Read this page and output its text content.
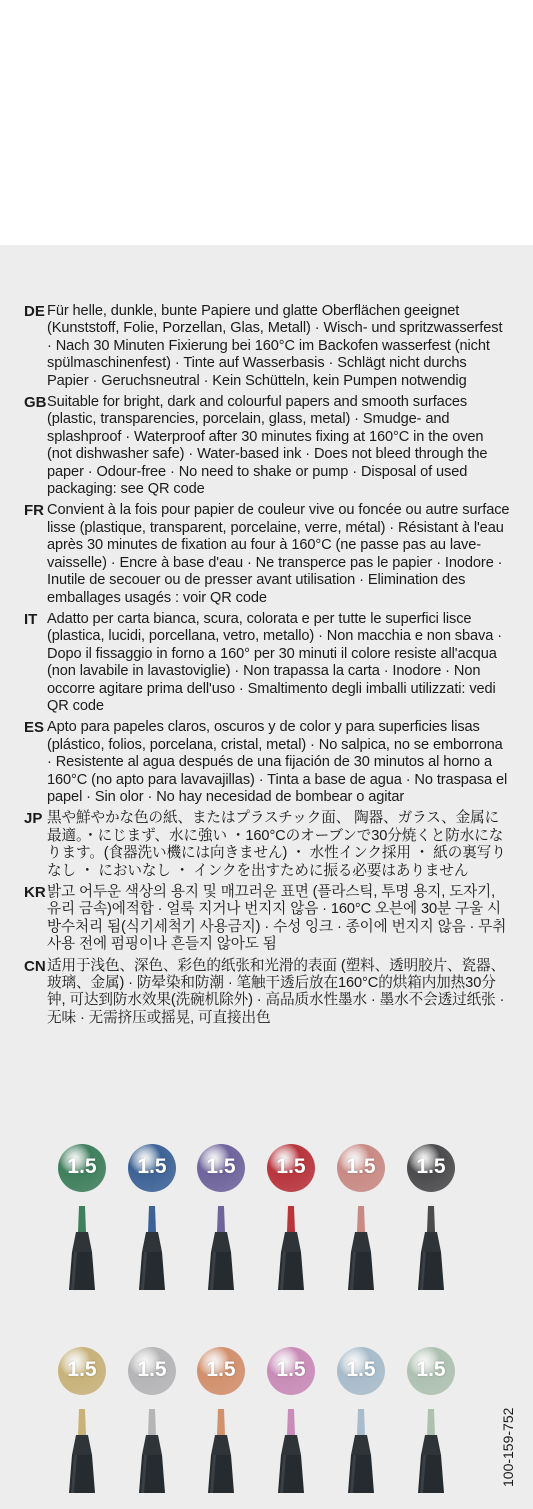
DE Für helle, dunkle, bunte Papiere und glatte Oberflächen geeignet (Kunststoff, Folie, Porzellan, Glas, Metall) · Wisch- und spritzwasserfest · Nach 30 Minuten Fixierung bei 160°C im Backofen wasserfest (nicht spülmaschinenfest) · Tinte auf Wasserbasis · Schlägt nicht durchs Papier · Geruchsneutral · Kein Schütteln, kein Pumpen notwendig
GB Suitable for bright, dark and colourful papers and smooth surfaces (plastic, transparencies, porcelain, glass, metal) · Smudge- and splashproof · Waterproof after 30 minutes fixing at 160°C in the oven (not dishwasher safe) · Water-based ink · Does not bleed through the paper · Odour-free · No need to shake or pump · Disposal of used packaging: see QR code
FR Convient à la fois pour papier de couleur vive ou foncée ou autre surface lisse (plastique, transparent, porcelaine, verre, métal) · Résistant à l'eau après 30 minutes de fixation au four à 160°C (ne passe pas au lave-vaisselle) · Encre à base d'eau · Ne transperce pas le papier · Inodore · Inutile de secouer ou de presser avant utilisation · Elimination des emballages usagés : voir QR code
IT Adatto per carta bianca, scura, colorata e per tutte le superfici lisce (plastica, lucidi, porcellana, vetro, metallo) · Non macchia e non sbava · Dopo il fissaggio in forno a 160° per 30 minuti il colore resiste all'acqua (non lavabile in lavastoviglie) · Non trapassa la carta · Inodore · Non occorre agitare prima dell'uso · Smaltimento degli imballi utilizzati: vedi QR code
ES Apto para papeles claros, oscuros y de color y para superficies lisas (plástico, folios, porcelana, cristal, metal) · No salpica, no se emborrona · Resistente al agua después de una fijación de 30 minutos al horno a 160°C (no apto para lavavajillas) · Tinta a base de agua · No traspasa el papel · Sin olor · No hay necesidad de bombear o agitar
JP 黒や鮮やかな色の紙、またはプラスチック面、 陶器、ガラス、金属に最適。・にじまず、水に強い ・160°Cのオーブンで30分焼くと防水になります。(食器洗い機には向きません) ・ 水性インク採用 ・ 紙の裏写りなし ・ においなし ・ インクを出すために振る必要はありません
KR 밝고 어두운 색상의 용지 및 매끄러운 표면 (플라스틱, 투명 용지, 도자기, 유리 금속)에적합 · 얼룩 지거나 번지지 않음 · 160°C 오븐에 30분 구울 시 방수처리 됨(식기세척기 사용금지) · 수성 잉크 · 종이에 번지지 않음 · 무취 사용 전에 펌핑이나 흔들지 않아도 됨
CN 适用于浅色、深色、彩色的纸张和光滑的表面 (塑料、透明胶片、瓷器、玻璃、金属) · 防晕染和防潮 · 笔触干透后放在160°C的烘箱内加热30分钟, 可达到防水效果(洗碗机除外) · 高品质水性墨水 · 墨水不会透过纸张 · 无味 · 无需挤压或摇晃, 可直接出色
1.5	1.5	1.5	1.5	1.5	1.5
1.5	1.5	1.5	1.5	1.5	1.5
100-159-752
